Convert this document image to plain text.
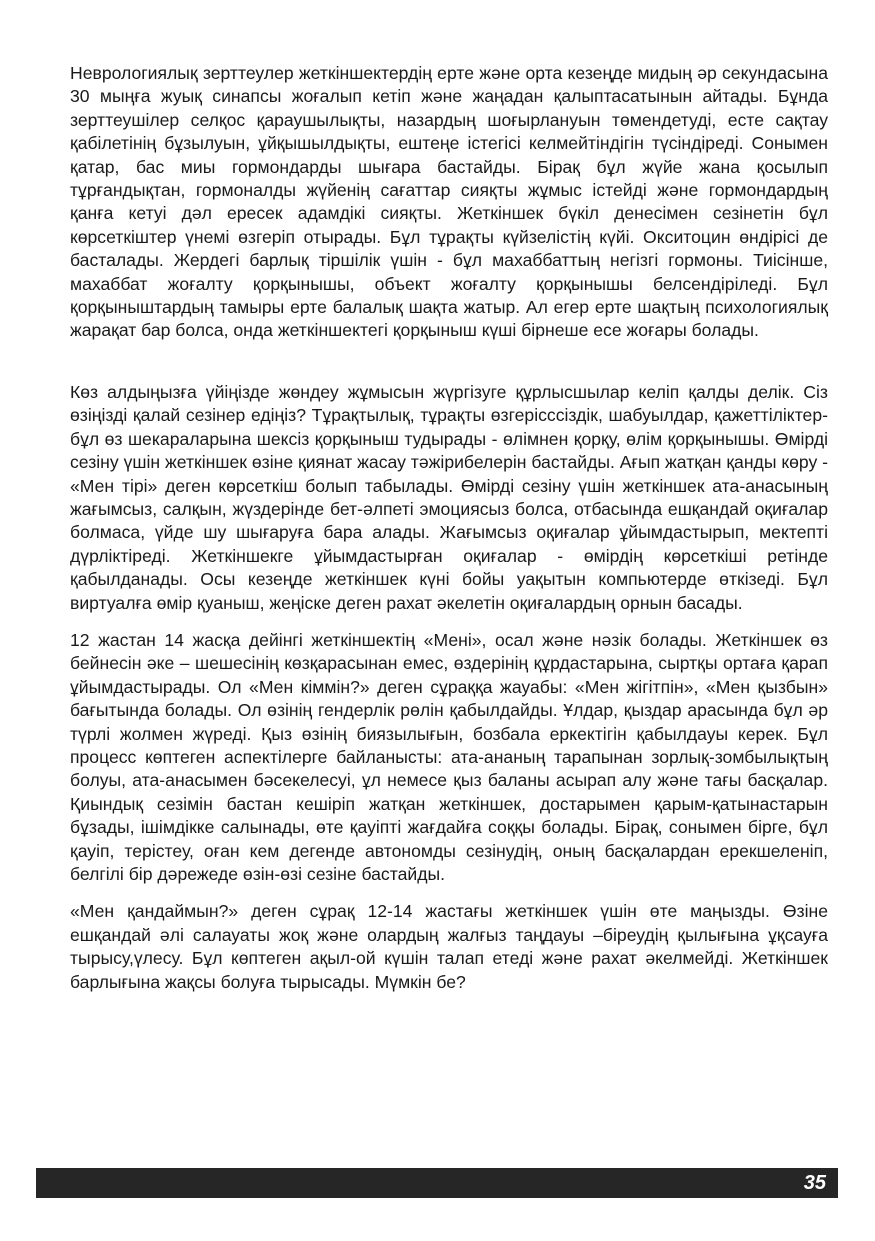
Неврологиялық зерттеулер жеткіншектердің ерте және орта кезеңде мидың әр секундасына 30 мыңға жуық синапсы жоғалып кетіп және жаңадан қалыптасатынын айтады. Бұнда зерттеушілер селқос қараушылықты, назардың шоғырлануын төмендетуді, есте сақтау қабілетінің бұзылуын, ұйқышылдықты, ештеңе істегісі келмейтіндігін түсіндіреді. Сонымен қатар, бас миы гормондарды шығара бастайды. Бірақ бұл жүйе жана қосылып тұрғандықтан, гормоналды жүйенің сағаттар сияқты жұмыс істейді және гормондардың қанға кетуі дәл ересек адамдікі сияқты. Жеткіншек бүкіл денесімен сезінетін бұл көрсеткіштер үнемі өзгеріп отырады. Бұл тұрақты күйзелістің күйі. Окситоцин өндірісі де басталады. Жердегі барлық тіршілік үшін - бұл махаббаттың негізгі гормоны. Тиісінше, махаббат жоғалту қорқынышы, объект жоғалту қорқынышы белсендіріледі. Бұл қорқыныштардың тамыры ерте балалық шақта жатыр. Ал егер ерте шақтың психологиялық жарақат бар болса, онда жеткіншектегі қорқыныш күші бірнеше есе жоғары болады.

Көз алдыңызға үйіңізде жөндеу жұмысын жүргізуге құрлысшылар келіп қалды делік. Сіз өзіңізді қалай сезінер едіңіз? Тұрақтылық, тұрақты өзгерісссіздік, шабуылдар, қажеттіліктер-бұл өз шекараларына шексіз қорқыныш тудырады - өлімнен қорқу, өлім қорқынышы. Өмірді сезіну үшін жеткіншек өзіне қиянат жасау тәжірибелерін бастайды. Ағып жатқан қанды көру - «Мен тірі» деген көрсеткіш болып табылады. Өмірді сезіну үшін жеткіншек ата-анасының жағымсыз, салқын, жүздерінде бет-әлпеті эмоциясыз болса, отбасында ешқандай оқиғалар болмаса, үйде шу шығаруға бара алады. Жағымсыз оқиғалар ұйымдастырып, мектепті дүрліктіреді. Жеткіншекге ұйымдастырған оқиғалар - өмірдің көрсеткіші ретінде қабылданады. Осы кезеңде жеткіншек күні бойы уақытын компьютерде өткізеді. Бұл виртуалға өмір қуаныш, жеңіске деген рахат әкелетін оқиғалардың орнын басады.

12 жастан 14 жасқа дейінгі жеткіншектің «Мені», осал және нәзік болады. Жеткіншек өз бейнесін әке – шешесінің көзқарасынан емес, өздерінің құрдастарына, сыртқы ортаға қарап ұйымдастырады. Ол «Мен кіммін?» деген сұраққа жауабы: «Мен жігітпін», «Мен қызбын» бағытында болады. Ол өзінің гендерлік рөлін қабылдайды. Ұлдар, қыздар арасында бұл әр түрлі жолмен жүреді. Қыз өзінің биязылығын, бозбала еркектігін қабылдауы керек. Бұл процесс көптеген аспектілерге байланысты: ата-ананың тарапынан зорлық-зомбылықтың болуы, ата-анасымен бәсекелесуі, ұл немесе қыз баланы асырап алу және тағы басқалар. Қиындық сезімін бастан кешіріп жатқан жеткіншек, достарымен қарым-қатынастарын бұзады, ішімдікке салынады, өте қауіпті жағдайға соққы болады. Бірақ, сонымен бірге, бұл қауіп, терістеу, оған кем дегенде автономды сезінудің, оның басқалардан ерекшеленіп, белгілі бір дәрежеде өзін-өзі сезіне бастайды.

«Мен қандаймын?» деген сұрақ 12-14 жастағы жеткіншек үшін өте маңызды. Өзіне ешқандай әлі салауаты жоқ және олардың жалғыз таңдауы –біреудің қылығына ұқсауға тырысу,үлесу. Бұл көптеген ақыл-ой күшін талап етеді және рахат әкелмейді. Жеткіншек барлығына жақсы болуға тырысады. Мүмкін бе?

35
